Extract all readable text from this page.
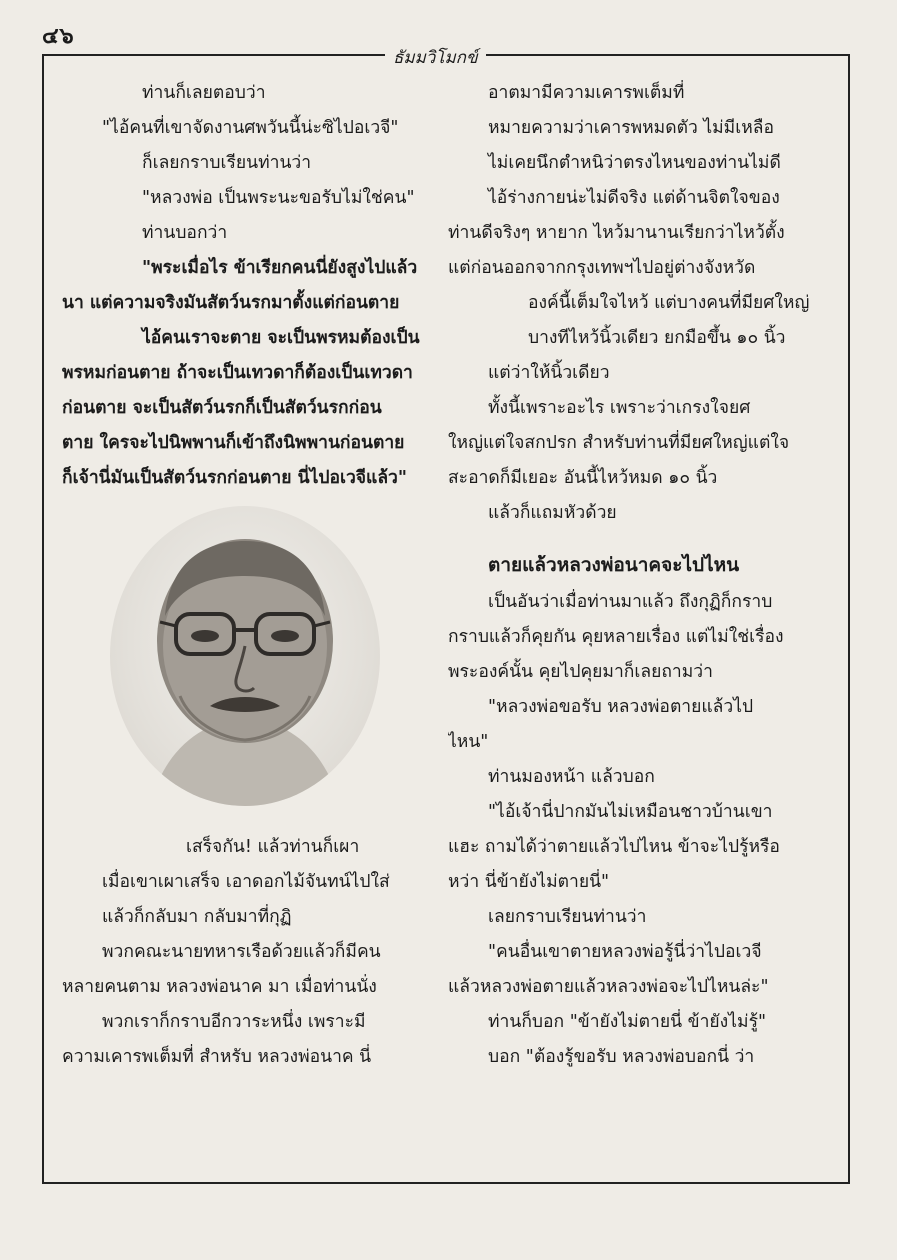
๔๖
ธัมมวิโมกข์
ท่านก็เลยตอบว่า
"ไอ้คนที่เขาจัดงานศพวันนี้น่ะซิไปอเวจี"
ก็เลยกราบเรียนท่านว่า
"หลวงพ่อ เป็นพระนะขอรับไม่ใช่คน"
ท่านบอกว่า
"พระเมื่อไร ข้าเรียกคนนี่ยังสูงไปแล้ว
นา แต่ความจริงมันสัตว์นรกมาตั้งแต่ก่อนตาย
ไอ้คนเราจะตาย จะเป็นพรหมต้องเป็น
พรหมก่อนตาย ถ้าจะเป็นเทวดาก็ต้องเป็นเทวดา
ก่อนตาย จะเป็นสัตว์นรกก็เป็นสัตว์นรกก่อน
ตาย ใครจะไปนิพพานก็เข้าถึงนิพพานก่อนตาย
ก็เจ้านี่มันเป็นสัตว์นรกก่อนตาย นี่ไปอเวจีแล้ว"
เสร็จกัน! แล้วท่านก็เผา
เมื่อเขาเผาเสร็จ เอาดอกไม้จันทน์ไปใส่
แล้วก็กลับมา กลับมาที่กุฏิ
พวกคณะนายทหารเรือด้วยแล้วก็มีคน
หลายคนตาม หลวงพ่อนาค มา เมื่อท่านนั่ง
พวกเราก็กราบอีกวาระหนึ่ง เพราะมี
ความเคารพเต็มที่ สำหรับ หลวงพ่อนาค นี่
อาตมามีความเคารพเต็มที่
หมายความว่าเคารพหมดตัว ไม่มีเหลือ
ไม่เคยนึกตำหนิว่าตรงไหนของท่านไม่ดี
ไอ้ร่างกายน่ะไม่ดีจริง แต่ด้านจิตใจของ
ท่านดีจริงๆ หายาก ไหว้มานานเรียกว่าไหว้ตั้ง
แต่ก่อนออกจากกรุงเทพฯไปอยู่ต่างจังหวัด
องค์นี้เต็มใจไหว้ แต่บางคนที่มียศใหญ่
บางทีไหว้นิ้วเดียว ยกมือขึ้น ๑๐ นิ้ว
แต่ว่าให้นิ้วเดียว
ทั้งนี้เพราะอะไร เพราะว่าเกรงใจยศ
ใหญ่แต่ใจสกปรก สำหรับท่านที่มียศใหญ่แต่ใจ
สะอาดก็มีเยอะ อันนี้ไหว้หมด ๑๐ นิ้ว
แล้วก็แถมหัวด้วย
ตายแล้วหลวงพ่อนาคจะไปไหน
เป็นอันว่าเมื่อท่านมาแล้ว ถึงกุฏิก็กราบ
กราบแล้วก็คุยกัน คุยหลายเรื่อง แต่ไม่ใช่เรื่อง
พระองค์นั้น คุยไปคุยมาก็เลยถามว่า
"หลวงพ่อขอรับ หลวงพ่อตายแล้วไป
ไหน"
ท่านมองหน้า แล้วบอก
"ไอ้เจ้านี่ปากมันไม่เหมือนชาวบ้านเขา
แฮะ ถามได้ว่าตายแล้วไปไหน ข้าจะไปรู้หรือ
หว่า นี่ข้ายังไม่ตายนี่"
เลยกราบเรียนท่านว่า
"คนอื่นเขาตายหลวงพ่อรู้นี่ว่าไปอเวจี
แล้วหลวงพ่อตายแล้วหลวงพ่อจะไปไหนล่ะ"
ท่านก็บอก "ข้ายังไม่ตายนี่ ข้ายังไม่รู้"
บอก "ต้องรู้ขอรับ หลวงพ่อบอกนี่ ว่า
